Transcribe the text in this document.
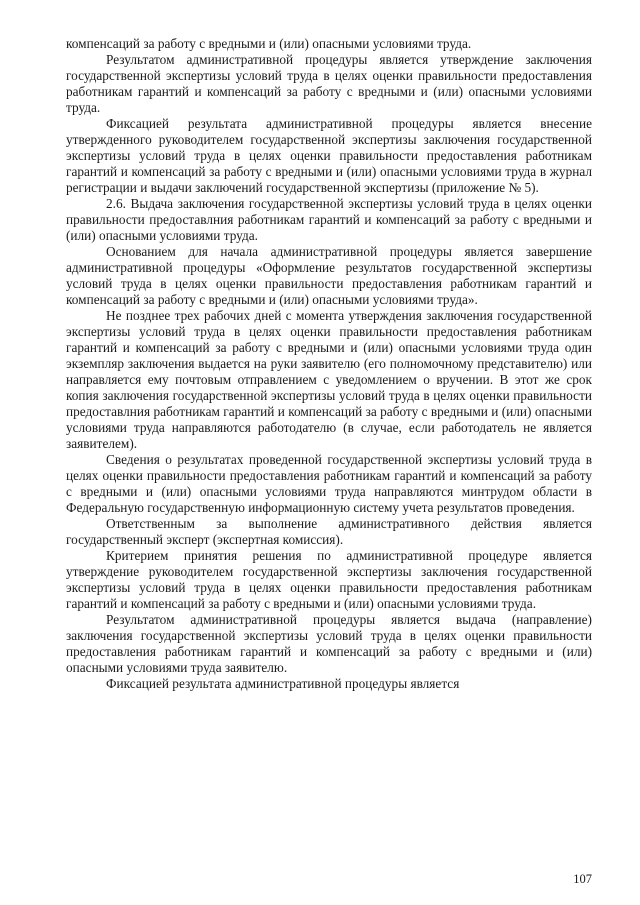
компенсаций за работу с вредными и (или) опасными условиями труда.

Результатом административной процедуры является утверждение заключения государственной экспертизы условий труда в целях оценки правильности предоставления работникам гарантий и компенсаций за работу с вредными и (или) опасными условиями труда.

Фиксацией результата административной процедуры является внесение утвержденного руководителем государственной экспертизы заключения государственной экспертизы условий труда в целях оценки правильности предоставления работникам гарантий и компенсаций за работу с вредными и (или) опасными условиями труда в журнал регистрации и выдачи заключений государственной экспертизы (приложение № 5).

2.6. Выдача заключения государственной экспертизы условий труда в целях оценки правильности предоставлния работникам гарантий и компенсаций за работу с вредными и (или) опасными условиями труда.

Основанием для начала административной процедуры является завершение административной процедуры «Оформление результатов государственной экспертизы условий труда в целях оценки правильности предоставления работникам гарантий и компенсаций за работу с вредными и (или) опасными условиями труда».

Не позднее трех рабочих дней с момента утверждения заключения государственной экспертизы условий труда в целях оценки правильности предоставления работникам гарантий и компенсаций за работу с вредными и (или) опасными условиями труда один экземпляр заключения выдается на руки заявителю (его полномочному представителю) или направляется ему почтовым отправлением с уведомлением о вручении. В этот же срок копия заключения государственной экспертизы условий труда в целях оценки правильности предоставлния работникам гарантий и компенсаций за работу с вредными и (или) опасными условиями труда направляются работодателю (в случае, если работодатель не является заявителем).

Сведения о результатах проведенной государственной экспертизы условий труда в целях оценки правильности предоставления работникам гарантий и компенсаций за работу с вредными и (или) опасными условиями труда направляются минтрудом области в Федеральную государственную информационную систему учета результатов проведения.

Ответственным за выполнение административного действия является государственный эксперт (экспертная комиссия).

Критерием принятия решения по административной процедуре является утверждение руководителем государственной экспертизы заключения государственной экспертизы условий труда в целях оценки правильности предоставления работникам гарантий и компенсаций за работу с вредными и (или) опасными условиями труда.

Результатом административной процедуры является выдача (направление) заключения государственной экспертизы условий труда в целях оценки правильности предоставления работникам гарантий и компенсаций за работу с вредными и (или) опасными условиями труда заявителю.

Фиксацией результата административной процедуры является

107
